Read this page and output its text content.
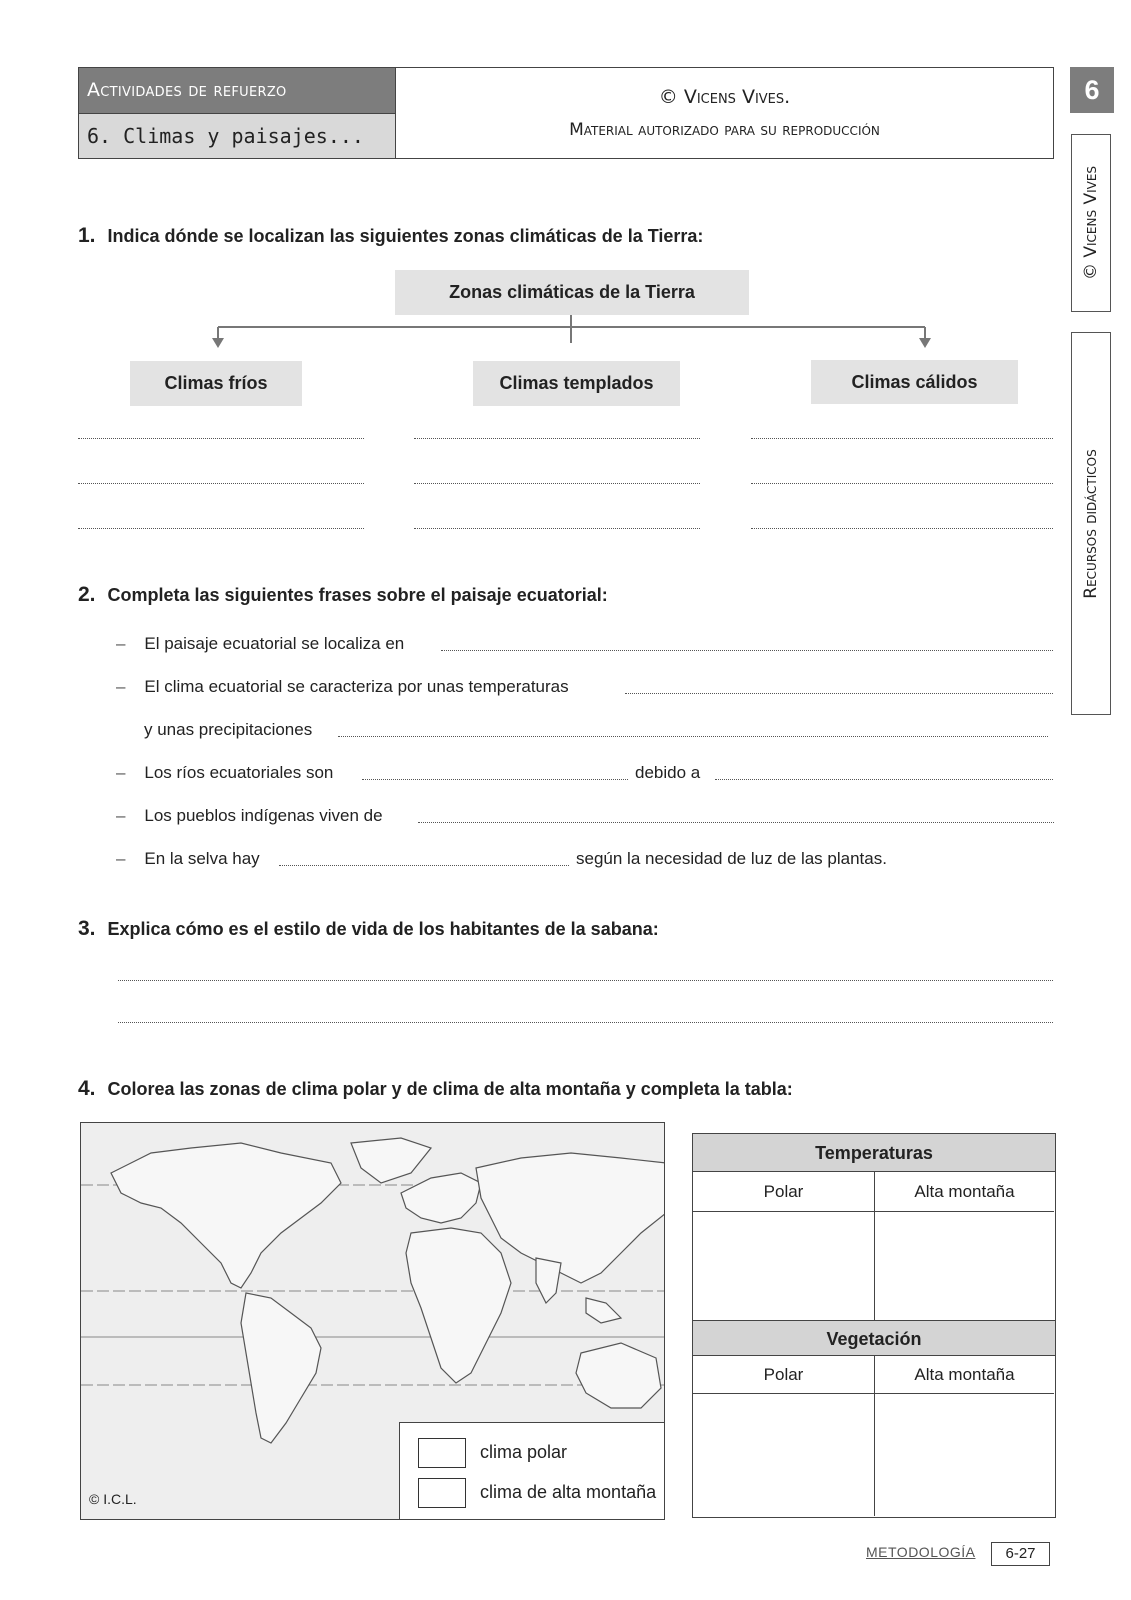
Actividades de refuerzo
6. Climas y paisajes...
© Vicens Vives.
Material autorizado para su reproducción
6
© Vicens Vives
Recursos didácticos
1. Indica dónde se localizan las siguientes zonas climáticas de la Tierra:
Zonas climáticas de la Tierra
Climas fríos	Climas templados	Climas cálidos
2. Completa las siguientes frases sobre el paisaje ecuatorial:
– El paisaje ecuatorial se localiza en
– El clima ecuatorial se caracteriza por unas temperaturas
y unas precipitaciones
– Los ríos ecuatoriales son	debido a
– Los pueblos indígenas viven de
– En la selva hay	según la necesidad de luz de las plantas.
3. Explica cómo es el estilo de vida de los habitantes de la sabana:
4. Colorea las zonas de clima polar y de clima de alta montaña y completa la tabla:
© I.C.L.
clima polar
clima de alta montaña
Temperaturas
Polar	Alta montaña
Vegetación
Polar	Alta montaña
METODOLOGÍA	6-27
